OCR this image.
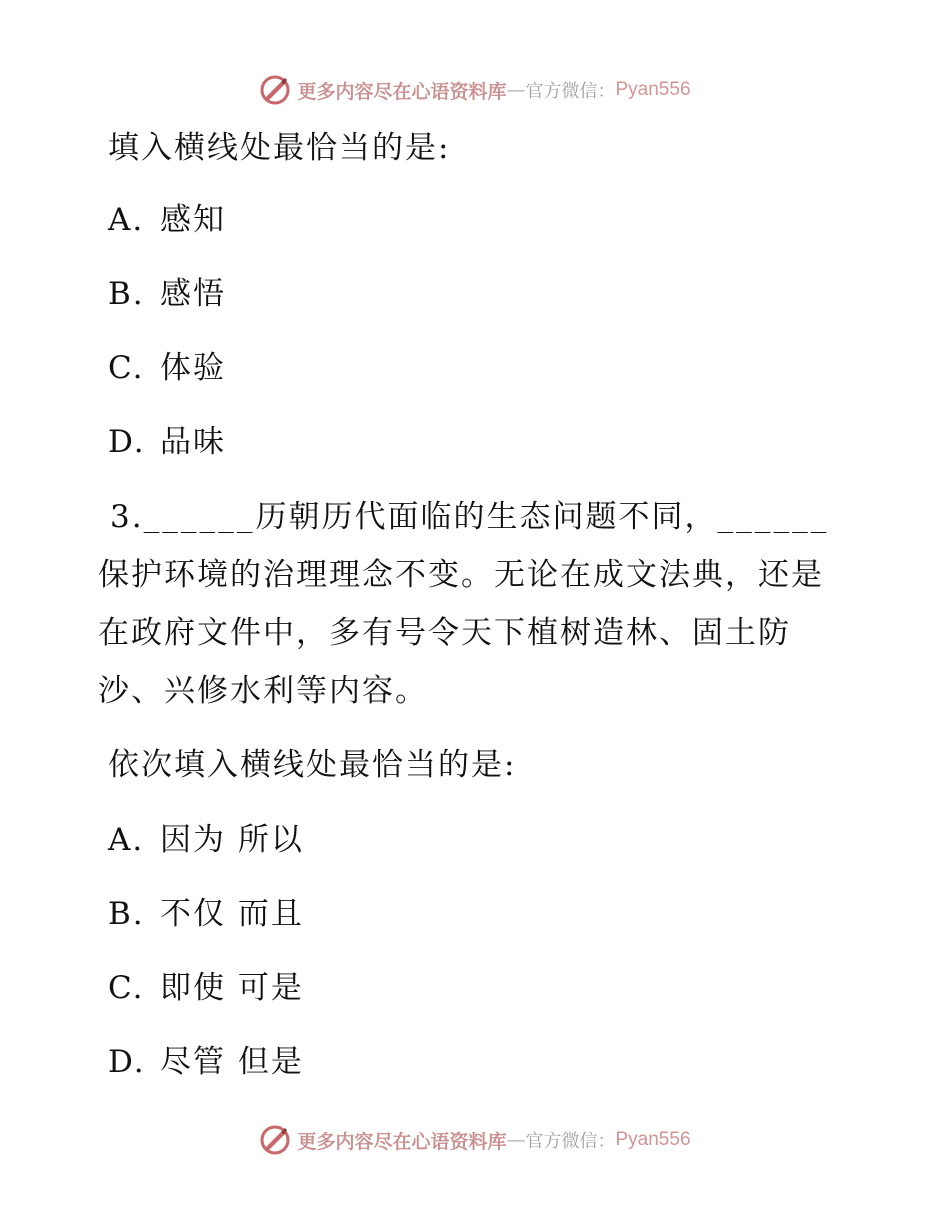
更多内容尽在心语资料库 — 官方微信： Pyan556
填入横线处最恰当的是:
A. 感知
B. 感悟
C. 体验
D. 品味
3.______历朝历代面临的生态问题不同，______
保护环境的治理理念不变。无论在成文法典，还是
在政府文件中，多有号令天下植树造林、固土防
沙、兴修水利等内容。
依次填入横线处最恰当的是:
A. 因为 所以
B. 不仅 而且
C. 即使 可是
D. 尽管 但是
更多内容尽在心语资料库 — 官方微信： Pyan556
